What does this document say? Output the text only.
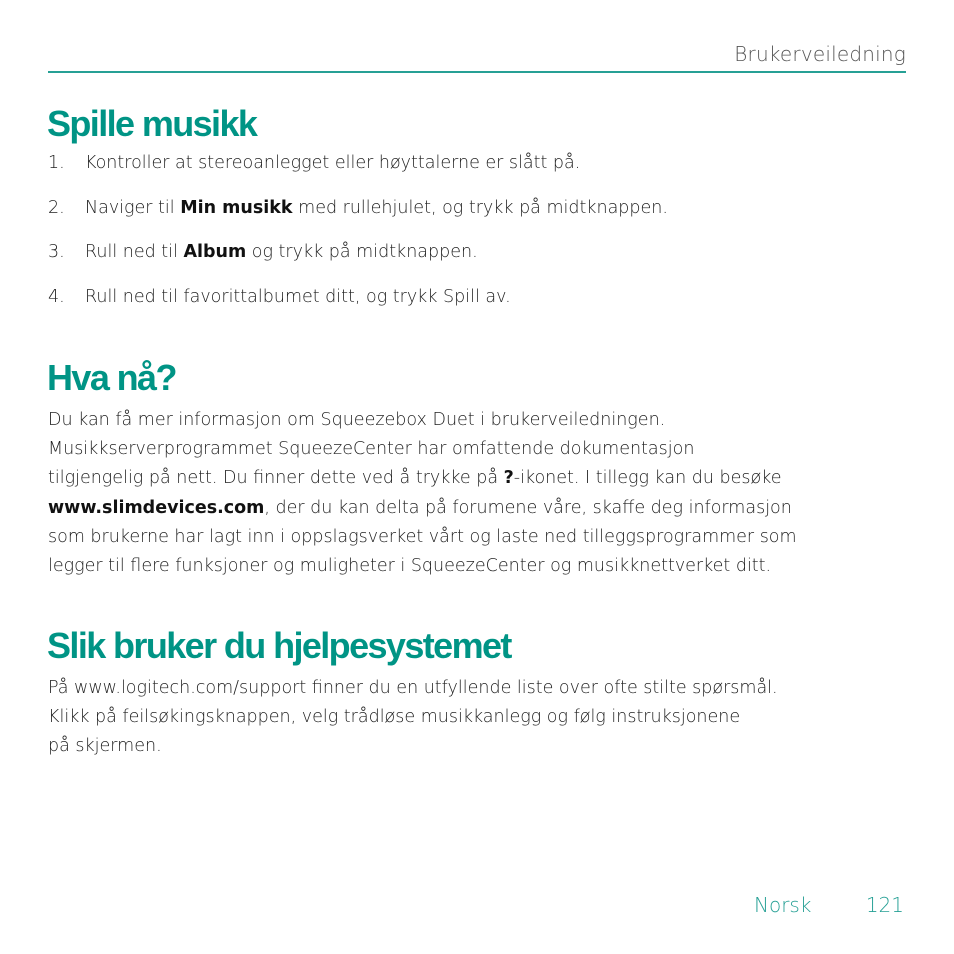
Brukerveiledning
Spille musikk
1.	Kontroller at stereoanlegget eller høyttalerne er slått på.
2.	Naviger til Min musikk med rullehjulet, og trykk på midtknappen.
3.	Rull ned til Album og trykk på midtknappen.
4.	Rull ned til favorittalbumet ditt, og trykk Spill av.
Hva nå?

Du kan få mer informasjon om Squeezebox Duet i brukerveiledningen.
Musikkserverprogrammet SqueezeCenter har omfattende dokumentasjon
tilgjengelig på nett. Du finner dette ved å trykke på ?-ikonet. I tillegg kan du besøke
www.slimdevices.com, der du kan delta på forumene våre, skaffe deg informasjon
som brukerne har lagt inn i oppslagsverket vårt og laste ned tilleggsprogrammer som
legger til flere funksjoner og muligheter i SqueezeCenter og musikknettverket ditt.

Slik bruker du hjelpesystemet

På www.logitech.com/support finner du en utfyllende liste over ofte stilte spørsmål.
Klikk på feilsøkingsknappen, velg trådløse musikkanlegg og følg instruksjonene
på skjermen.

Norsk	121
